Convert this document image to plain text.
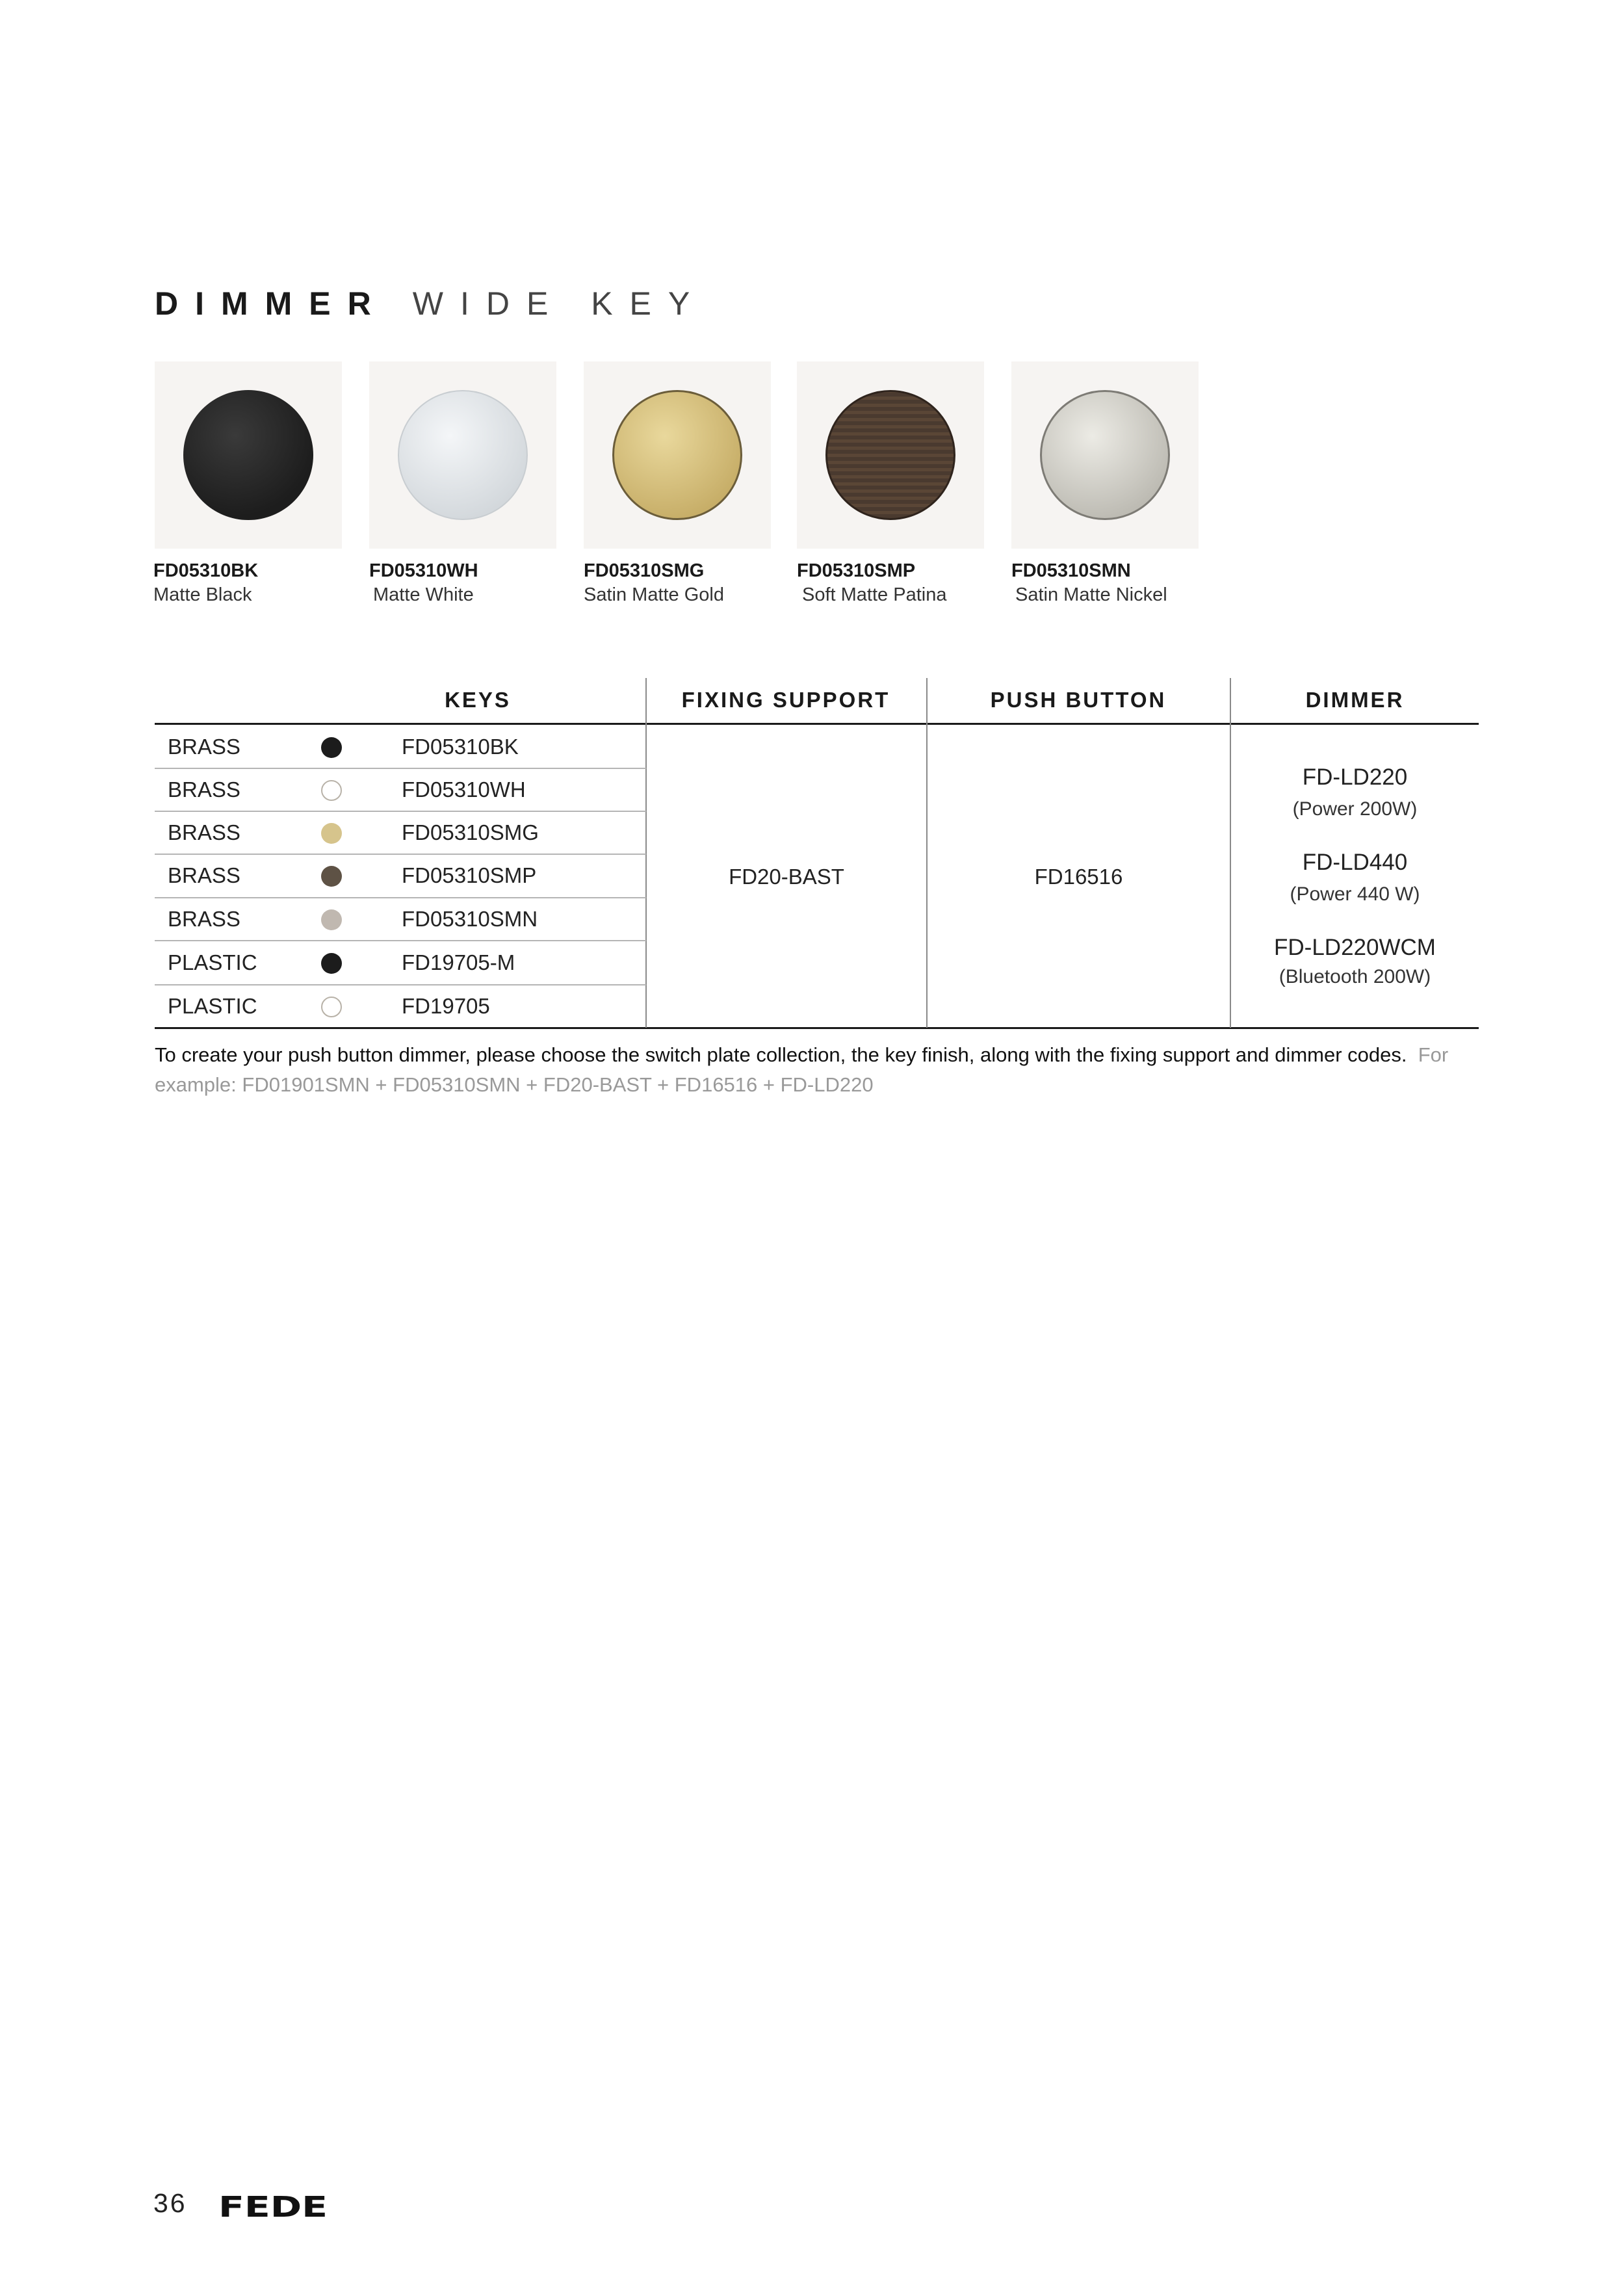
DIMMER WIDE KEY
FD05310BK
Matte Black
FD05310WH
Matte White
FD05310SMG
Satin Matte Gold
FD05310SMP
Soft Matte Patina
FD05310SMN
Satin Matte Nickel
KEYS	FIXING SUPPORT	PUSH BUTTON	DIMMER
BRASS	FD05310BK
BRASS	FD05310WH
BRASS	FD05310SMG
BRASS	FD05310SMP
BRASS	FD05310SMN
PLASTIC	FD19705-M
PLASTIC	FD19705
FD20-BAST	FD16516
FD-LD220
(Power 200W)
FD-LD440
(Power 440 W)
FD-LD220WCM
(Bluetooth 200W)
To create your push button dimmer, please choose the switch plate collection, the key finish, along with the fixing support and dimmer codes. For example: FD01901SMN + FD05310SMN + FD20-BAST + FD16516 + FD-LD220
36 FEDE
